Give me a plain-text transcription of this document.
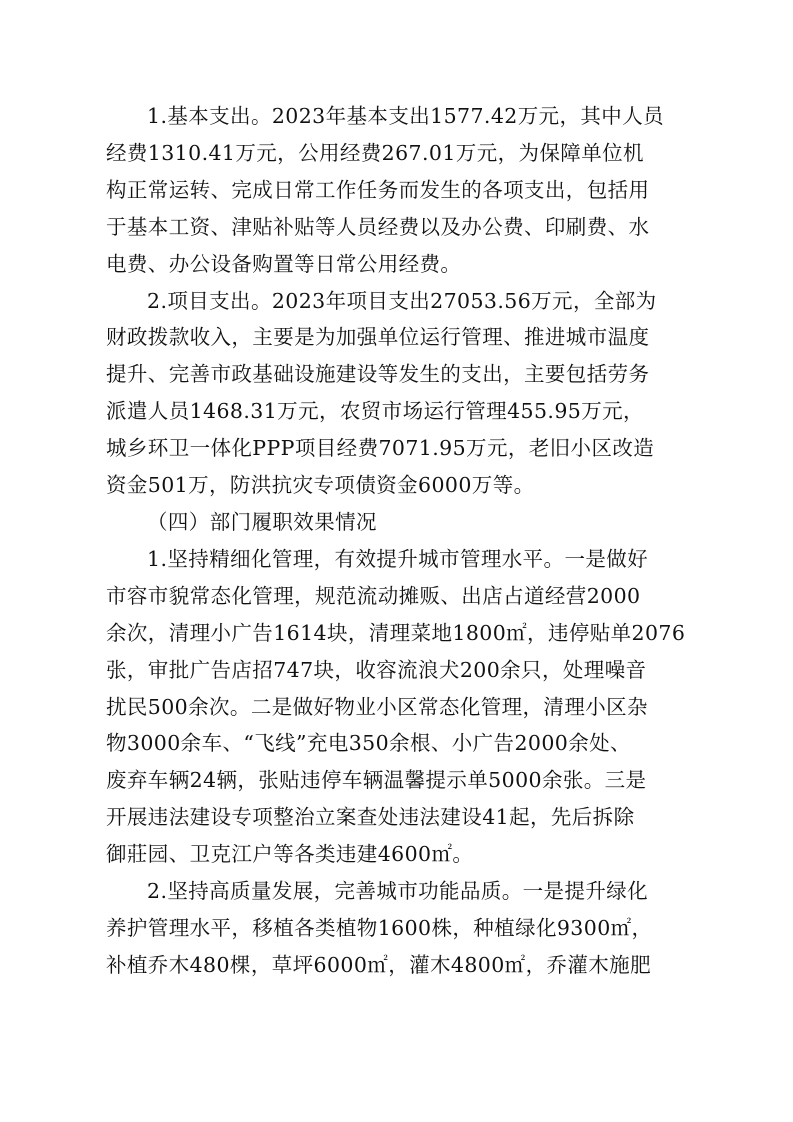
1.基本支出。2023年基本支出1577.42万元，其中人员
经费1310.41万元，公用经费267.01万元，为保障单位机
构正常运转、完成日常工作任务而发生的各项支出，包括用
于基本工资、津贴补贴等人员经费以及办公费、印刷费、水
电费、办公设备购置等日常公用经费。

2.项目支出。2023年项目支出27053.56万元，全部为
财政拨款收入，主要是为加强单位运行管理、推进城市温度
提升、完善市政基础设施建设等发生的支出，主要包括劳务
派遣人员1468.31万元，农贸市场运行管理455.95万元，
城乡环卫一体化PPP项目经费7071.95万元，老旧小区改造
资金501万，防洪抗灾专项债资金6000万等。

（四）部门履职效果情况

1.坚持精细化管理，有效提升城市管理水平。一是做好
市容市貌常态化管理，规范流动摊贩、出店占道经营2000
余次，清理小广告1614块，清理菜地1800㎡，违停贴单2076
张，审批广告店招747块，收容流浪犬200余只，处理噪音
扰民500余次。二是做好物业小区常态化管理，清理小区杂
物3000余车、“飞线”充电350余根、小广告2000余处、
废弃车辆24辆，张贴违停车辆温馨提示单5000余张。三是
开展违法建设专项整治立案查处违法建设41起，先后拆除
御莊园、卫克江户等各类违建4600㎡。

2.坚持高质量发展，完善城市功能品质。一是提升绿化
养护管理水平，移植各类植物1600株，种植绿化9300㎡，
补植乔木480棵，草坪6000㎡，灌木4800㎡，乔灌木施肥
